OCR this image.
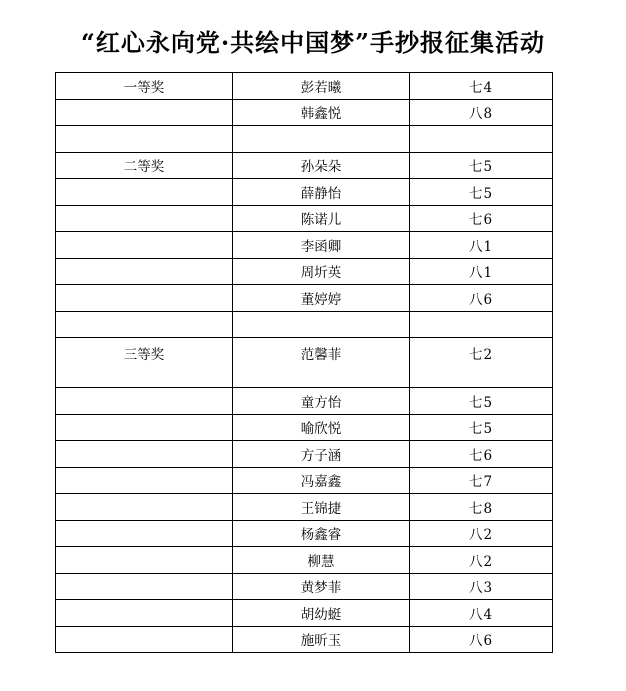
“红心永向党·共绘中国梦”手抄报征集活动
一等奖	彭若曦	七4
	韩鑫悦	八8

二等奖	孙朵朵	七5
	薛静怡	七5
	陈诺儿	七6
	李函卿	八1
	周圻英	八1
	董婷婷	八6

三等奖	范馨菲	七2
	童方怡	七5
	喻欣悦	七5
	方子涵	七6
	冯嘉鑫	七7
	王锦捷	七8
	杨鑫睿	八2
	柳慧	八2
	黄梦菲	八3
	胡幼蜓	八4
	施昕玉	八6
